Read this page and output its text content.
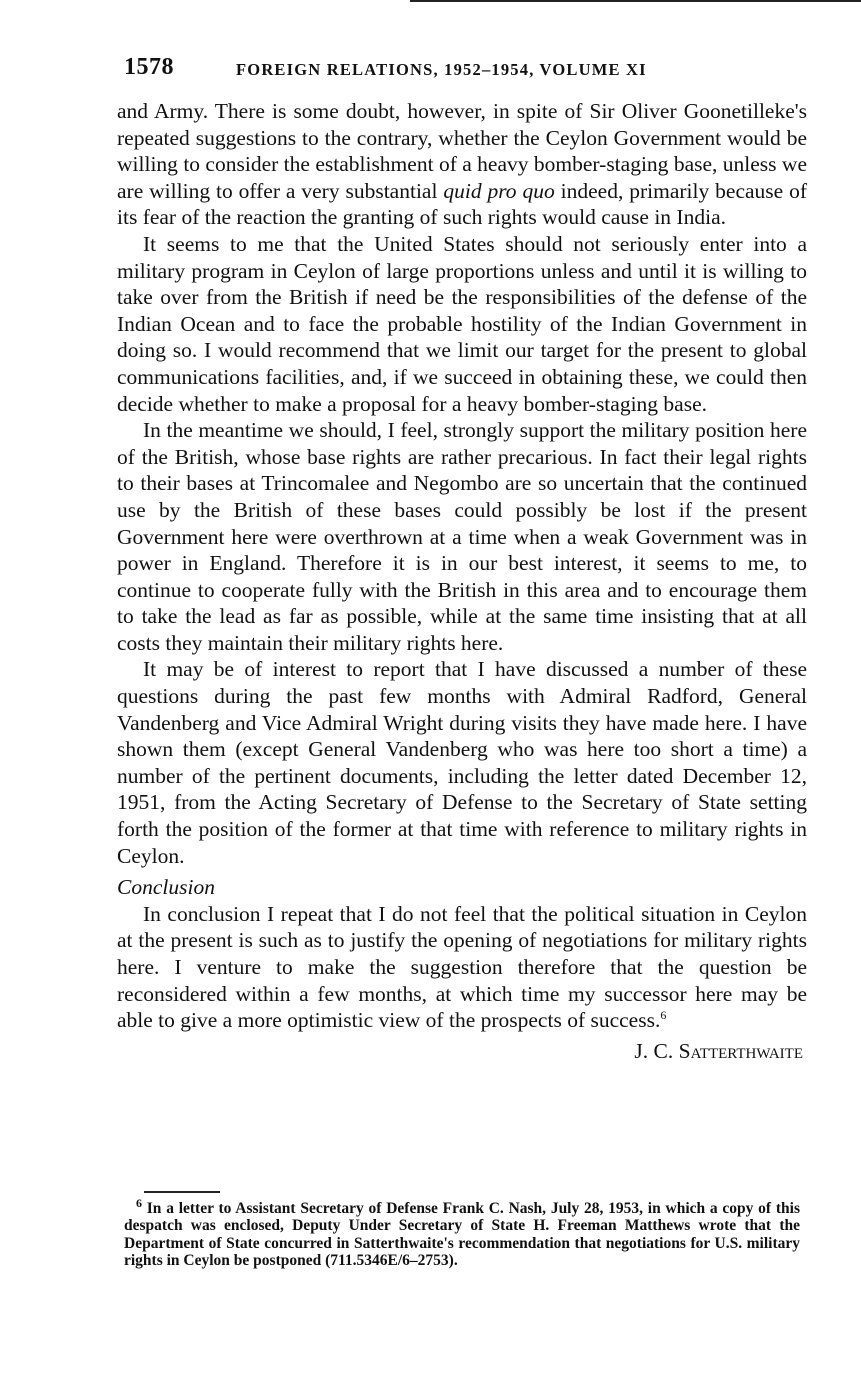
1578	FOREIGN RELATIONS, 1952–1954, VOLUME XI

and Army. There is some doubt, however, in spite of Sir Oliver Goonetilleke's repeated suggestions to the contrary, whether the Ceylon Government would be willing to consider the establishment of a heavy bomber-staging base, unless we are willing to offer a very substantial quid pro quo indeed, primarily because of its fear of the reaction the granting of such rights would cause in India.

It seems to me that the United States should not seriously enter into a military program in Ceylon of large proportions unless and until it is willing to take over from the British if need be the responsibilities of the defense of the Indian Ocean and to face the probable hostility of the Indian Government in doing so. I would recommend that we limit our target for the present to global communications facilities, and, if we succeed in obtaining these, we could then decide whether to make a proposal for a heavy bomber-staging base.

In the meantime we should, I feel, strongly support the military position here of the British, whose base rights are rather precarious. In fact their legal rights to their bases at Trincomalee and Negombo are so uncertain that the continued use by the British of these bases could possibly be lost if the present Government here were overthrown at a time when a weak Government was in power in England. Therefore it is in our best interest, it seems to me, to continue to cooperate fully with the British in this area and to encourage them to take the lead as far as possible, while at the same time insisting that at all costs they maintain their military rights here.

It may be of interest to report that I have discussed a number of these questions during the past few months with Admiral Radford, General Vandenberg and Vice Admiral Wright during visits they have made here. I have shown them (except General Vandenberg who was here too short a time) a number of the pertinent documents, including the letter dated December 12, 1951, from the Acting Secretary of Defense to the Secretary of State setting forth the position of the former at that time with reference to military rights in Ceylon.

Conclusion

In conclusion I repeat that I do not feel that the political situation in Ceylon at the present is such as to justify the opening of negotiations for military rights here. I venture to make the suggestion therefore that the question be reconsidered within a few months, at which time my successor here may be able to give a more optimistic view of the prospects of success.$^6$

J. C. Satterthwaite

$^6$ In a letter to Assistant Secretary of Defense Frank C. Nash, July 28, 1953, in which a copy of this despatch was enclosed, Deputy Under Secretary of State H. Freeman Matthews wrote that the Department of State concurred in Satterthwaite's recommendation that negotiations for U.S. military rights in Ceylon be postponed (711.5346E/6–2753).
